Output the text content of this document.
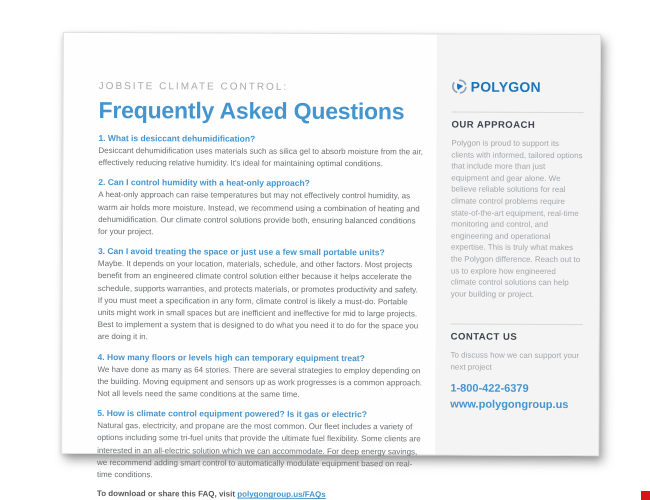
JOBSITE CLIMATE CONTROL:
Frequently Asked Questions
1. What is desiccant dehumidification?
Desiccant dehumidification uses materials such as silica gel to absorb moisture from the air, effectively reducing relative humidity. It's ideal for maintaining optimal conditions.
2. Can I control humidity with a heat-only approach?
A heat-only approach can raise temperatures but may not effectively control humidity, as warm air holds more moisture. Instead, we recommend using a combination of heating and dehumidification. Our climate control solutions provide both, ensuring balanced conditions for your project.
3. Can I avoid treating the space or just use a few small portable units?
Maybe. It depends on your location, materials, schedule, and other factors. Most projects benefit from an engineered climate control solution either because it helps accelerate the schedule, supports warranties, and protects materials, or promotes productivity and safety. If you must meet a specification in any form, climate control is likely a must-do. Portable units might work in small spaces but are inefficient and ineffective for mid to large projects. Best to implement a system that is designed to do what you need it to do for the space you are doing it in.
4. How many floors or levels high can temporary equipment treat?
We have done as many as 64 stories. There are several strategies to employ depending on the building. Moving equipment and sensors up as work progresses is a common approach. Not all levels need the same conditions at the same time.
5. How is climate control equipment powered? Is it gas or electric?
Natural gas, electricity, and propane are the most common. Our fleet includes a variety of options including some tri-fuel units that provide the ultimate fuel flexibility. Some clients are interested in an all-electric solution which we can accommodate. For deep energy savings, we recommend adding smart control to automatically modulate equipment based on real-time conditions.
To download or share this FAQ, visit polygongroup.us/FAQs
POLYGON
OUR APPROACH

Polygon is proud to support its clients with informed, tailored options that include more than just equipment and gear alone. We believe reliable solutions for real climate control problems require state-of-the-art equipment, real-time monitoring and control, and engineering and operational expertise. This is truly what makes the Polygon difference. Reach out to us to explore how engineered climate control solutions can help your building or project.

CONTACT US

To discuss how we can support your next project

1-800-422-6379
www.polygongroup.us
